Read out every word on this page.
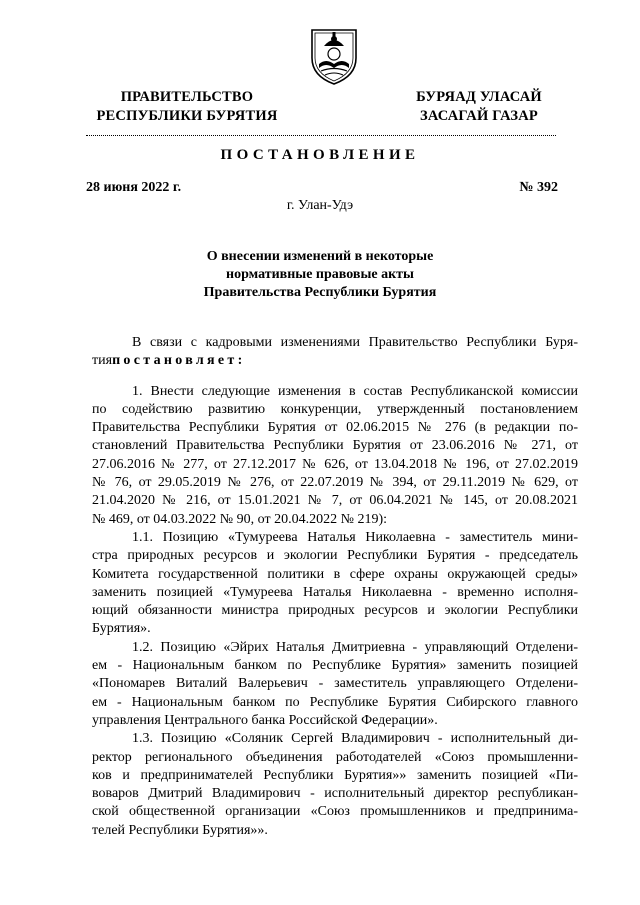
ПРАВИТЕЛЬСТВО
РЕСПУБЛИКИ БУРЯТИЯ
БУРЯАД УЛАСАЙ
ЗАСАГАЙ ГАЗАР
ПОСТАНОВЛЕНИЕ
28 июня 2022 г.	№ 392
г. Улан-Удэ
О внесении изменений в некоторые
нормативные правовые акты
Правительства Республики Бурятия
В связи с кадровыми изменениями Правительство Республики Буря-
тияпостановляет:
1. Внести следующие изменения в состав Республиканской комиссии
по содействию развитию конкуренции, утвержденный постановлением
Правительства Республики Бурятия от 02.06.2015 № 276 (в редакции по-
становлений Правительства Республики Бурятия от 23.06.2016 № 271, от
27.06.2016 № 277, от 27.12.2017 № 626, от 13.04.2018 № 196, от 27.02.2019
№ 76, от 29.05.2019 № 276, от 22.07.2019 № 394, от 29.11.2019 № 629, от
21.04.2020 № 216, от 15.01.2021 № 7, от 06.04.2021 № 145, от 20.08.2021
№ 469, от 04.03.2022 № 90, от 20.04.2022 № 219):
1.1. Позицию «Тумуреева Наталья Николаевна - заместитель мини-
стра природных ресурсов и экологии Республики Бурятия - председатель
Комитета государственной политики в сфере охраны окружающей среды»
заменить позицией «Тумуреева Наталья Николаевна - временно исполня-
ющий обязанности министра природных ресурсов и экологии Республики
Бурятия».
1.2. Позицию «Эйрих Наталья Дмитриевна - управляющий Отделени-
ем - Национальным банком по Республике Бурятия» заменить позицией
«Пономарев Виталий Валерьевич - заместитель управляющего Отделени-
ем - Национальным банком по Республике Бурятия Сибирского главного
управления Центрального банка Российской Федерации».
1.3. Позицию «Соляник Сергей Владимирович - исполнительный ди-
ректор регионального объединения работодателей «Союз промышленни-
ков и предпринимателей Республики Бурятия»» заменить позицией «Пи-
воваров Дмитрий Владимирович - исполнительный директор республикан-
ской общественной организации «Союз промышленников и предпринима-
телей Республики Бурятия»».
